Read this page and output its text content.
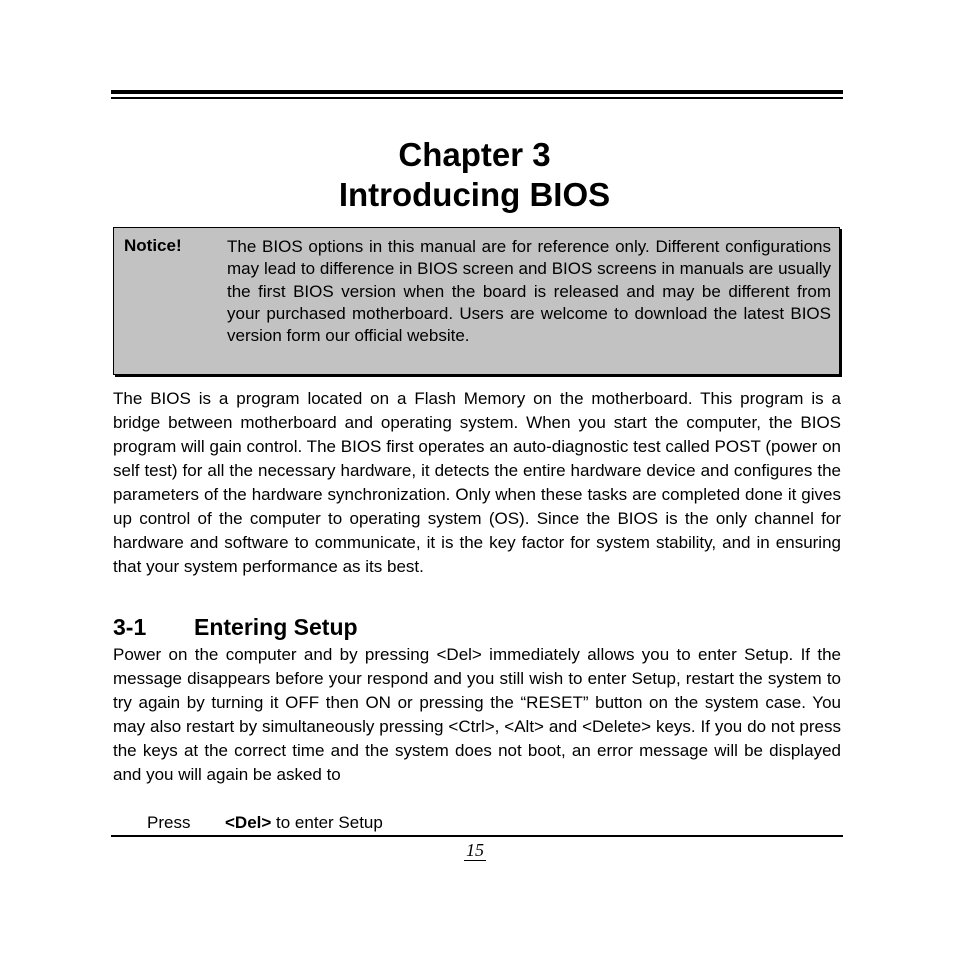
Chapter 3
Introducing BIOS
Notice!	The BIOS options in this manual are for reference only. Different configurations may lead to difference in BIOS screen and BIOS screens in manuals are usually the first BIOS version when the board is released and may be different from your purchased motherboard. Users are welcome to download the latest BIOS version form our official website.
The BIOS is a program located on a Flash Memory on the motherboard. This program is a bridge between motherboard and operating system. When you start the computer, the BIOS program will gain control. The BIOS first operates an auto-diagnostic test called POST (power on self test) for all the necessary hardware, it detects the entire hardware device and configures the parameters of the hardware synchronization. Only when these tasks are completed done it gives up control of the computer to operating system (OS). Since the BIOS is the only channel for hardware and software to communicate, it is the key factor for system stability, and in ensuring that your system performance as its best.
3-1 Entering Setup
Power on the computer and by pressing <Del> immediately allows you to enter Setup. If the message disappears before your respond and you still wish to enter Setup, restart the system to try again by turning it OFF then ON or pressing the “RESET” button on the system case. You may also restart by simultaneously pressing <Ctrl>, <Alt> and <Delete> keys. If you do not press the keys at the correct time and the system does not boot, an error message will be displayed and you will again be asked to
Press <Del> to enter Setup
15
